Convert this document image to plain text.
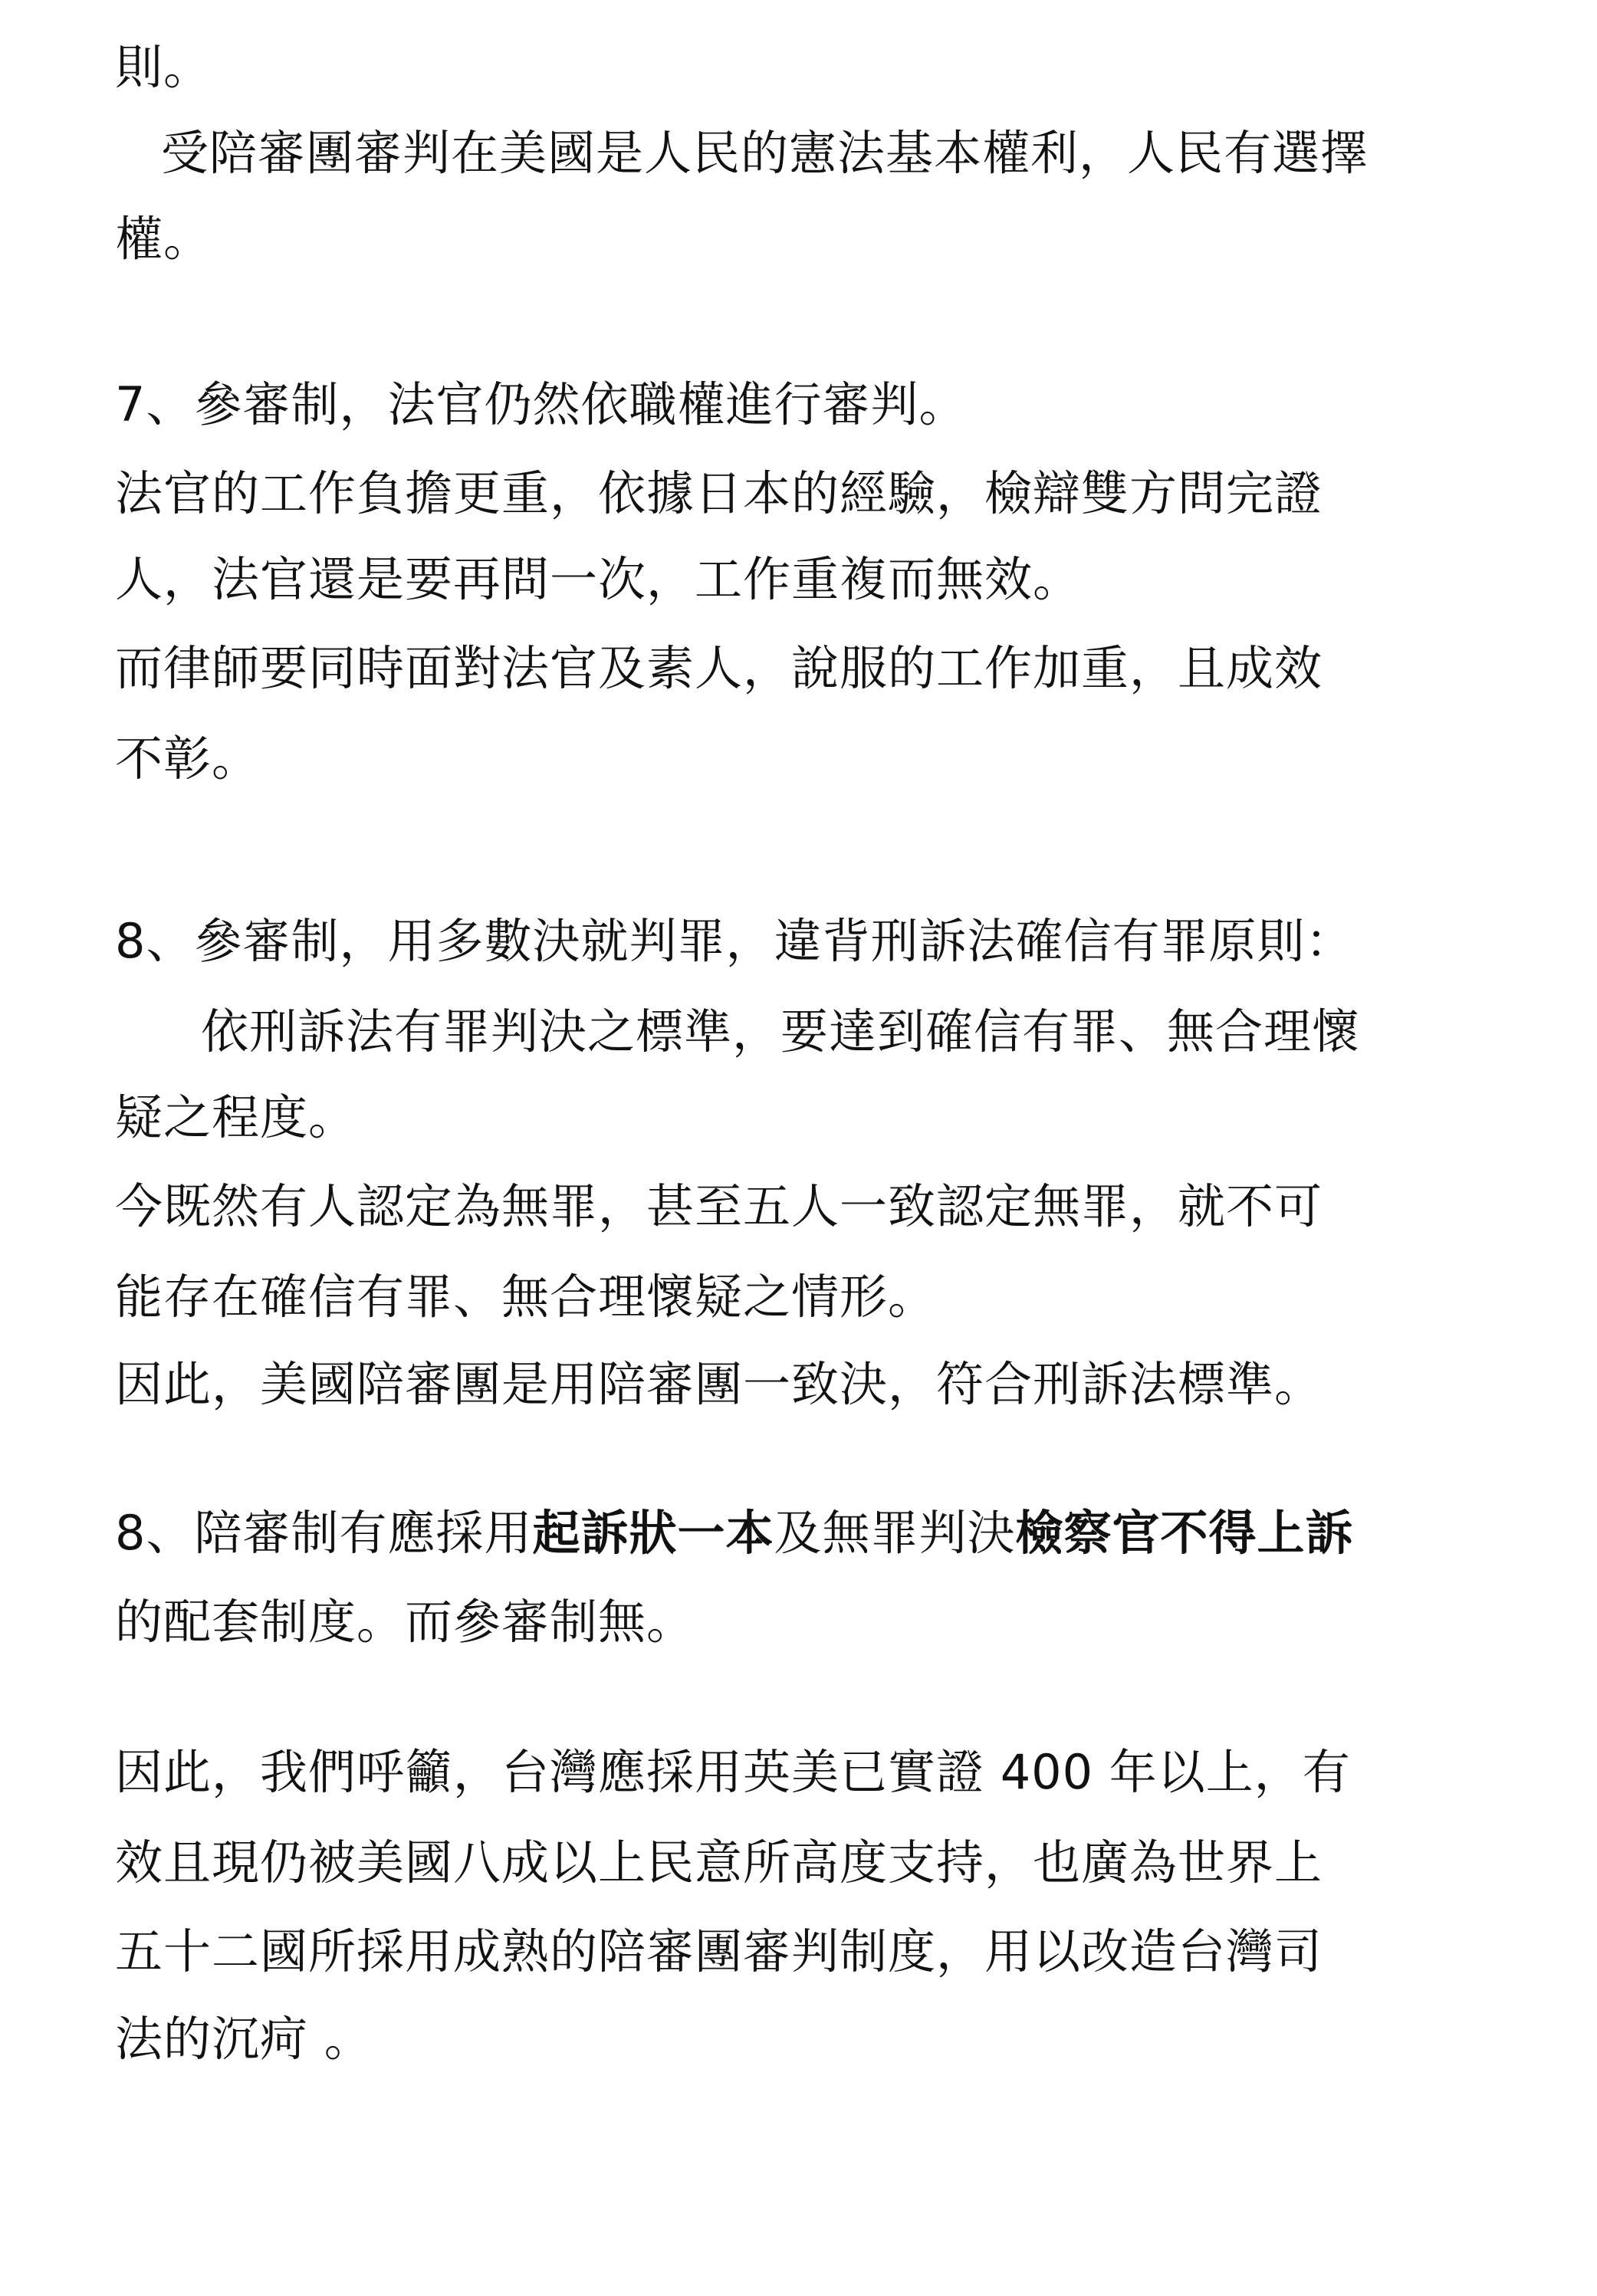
則。
受陪審團審判在美國是人民的憲法基本權利，人民有選擇
權。
7、參審制，法官仍然依職權進行審判。
法官的工作負擔更重，依據日本的經驗，檢辯雙方問完證
人，法官還是要再問一次，工作重複而無效。
而律師要同時面對法官及素人，說服的工作加重，且成效
不彰。
8、參審制，用多數決就判罪，違背刑訴法確信有罪原則：
依刑訴法有罪判決之標準，要達到確信有罪、無合理懷
疑之程度。
今既然有人認定為無罪，甚至五人一致認定無罪，就不可
能存在確信有罪、無合理懷疑之情形。
因此，美國陪審團是用陪審團一致決，符合刑訴法標準。
8、陪審制有應採用起訴狀一本及無罪判決檢察官不得上訴
的配套制度。而參審制無。
因此，我們呼籲，台灣應採用英美已實證 400 年以上，有
效且現仍被美國八成以上民意所高度支持，也廣為世界上
五十二國所採用成熟的陪審團審判制度，用以改造台灣司
法的沉疴 。
